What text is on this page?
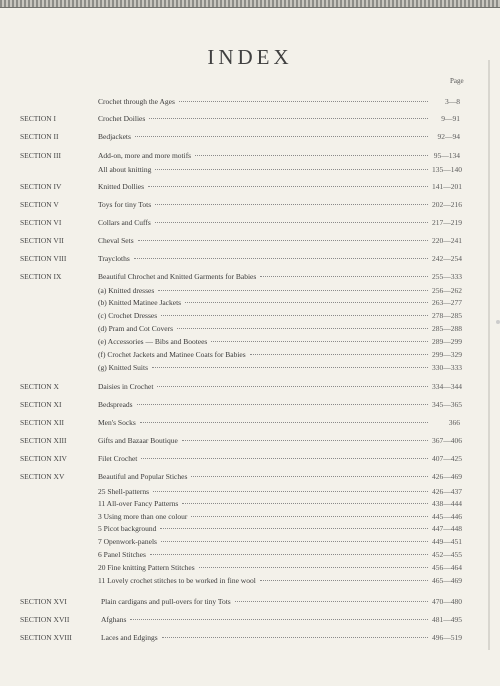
INDEX
Page
Crochet through the Ages	3—8
SECTION I	Crochet Doilies	9—91
SECTION II	Bedjackets	92—94
SECTION III	Add-on, more and more motifs	95—134
All about knitting	135—140
SECTION IV	Knitted Dollies	141—201
SECTION V	Toys for tiny Tots	202—216
SECTION VI	Collars and Cuffs	217—219
SECTION VII	Cheval Sets	220—241
SECTION VIII	Traycloths	242—254
SECTION IX	Beautiful Chrochet and Knitted Garments for Babies	255—333
(a) Knitted dresses	256—262
(b) Knitted Matinee Jackets	263—277
(c) Crochet Dresses	278—285
(d) Pram and Cot Covers	285—288
(e) Accessories — Bibs and Bootees	289—299
(f) Crochet Jackets and Matinee Coats for Babies	299—329
(g) Knitted Suits	330—333
SECTION X	Daisies in Crochet	334—344
SECTION XI	Bedspreads	345—365
SECTION XII	Men's Socks	366
SECTION XIII	Gifts and Bazaar Boutique	367—406
SECTION XIV	Filet Crochet	407—425
SECTION XV	Beautiful and Popular Stiches	426—469
25 Shell-patterns	426—437
11 All-over Fancy Patterns	438—444
3 Using more than one colour	445—446
5 Picot background	447—448
7 Openwork-panels	449—451
6 Panel Stitches	452—455
20 Fine knitting Pattern Stitches	456—464
11 Lovely crochet stitches to be worked in fine wool	465—469
SECTION XVI	Plain cardigans and pull-overs for tiny Tots	470—480
SECTION XVII	Afghans	481—495
SECTION XVIII	Laces and Edgings	496—519
